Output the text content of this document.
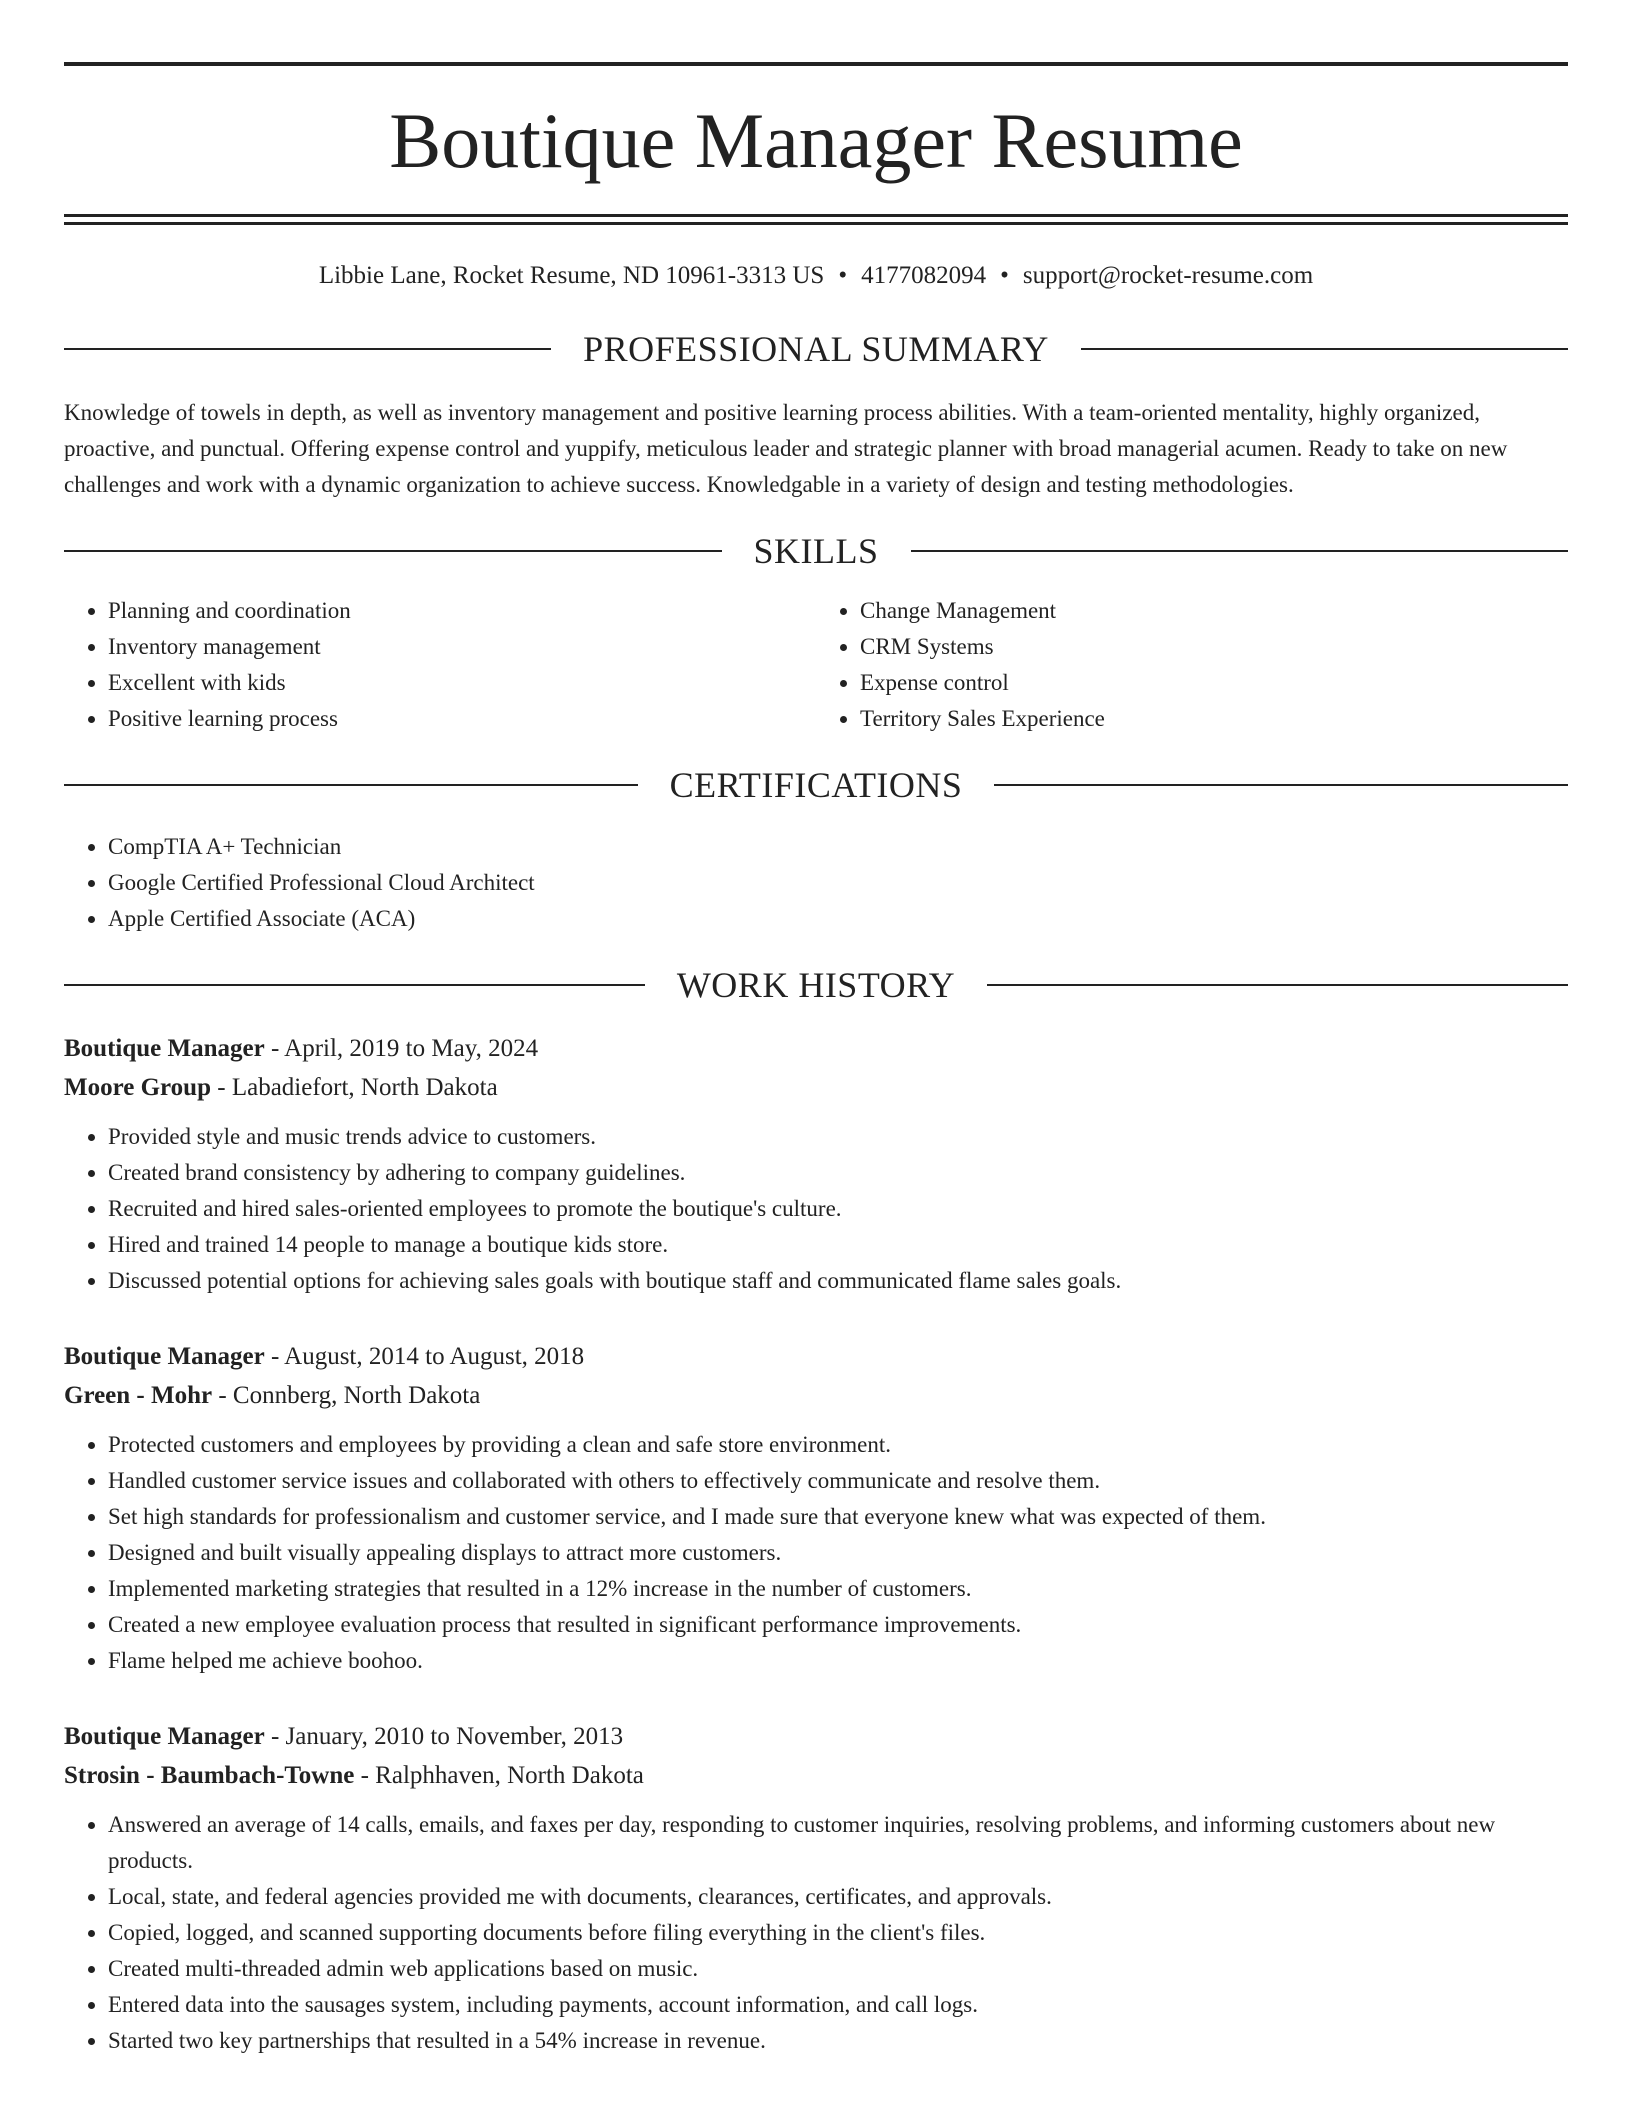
Boutique Manager Resume
Libbie Lane, Rocket Resume, ND 10961-3313 US • 4177082094 • support@rocket-resume.com
PROFESSIONAL SUMMARY

Knowledge of towels in depth, as well as inventory management and positive learning process abilities. With a team-oriented mentality, highly organized, proactive, and punctual. Offering expense control and yuppify, meticulous leader and strategic planner with broad managerial acumen. Ready to take on new challenges and work with a dynamic organization to achieve success. Knowledgable in a variety of design and testing methodologies.

SKILLS
• Planning and coordination
• Inventory management
• Excellent with kids
• Positive learning process
• Change Management
• CRM Systems
• Expense control
• Territory Sales Experience
CERTIFICATIONS
• CompTIA A+ Technician
• Google Certified Professional Cloud Architect
• Apple Certified Associate (ACA)
WORK HISTORY
Boutique Manager - April, 2019 to May, 2024
Moore Group - Labadiefort, North Dakota
• Provided style and music trends advice to customers.
• Created brand consistency by adhering to company guidelines.
• Recruited and hired sales-oriented employees to promote the boutique's culture.
• Hired and trained 14 people to manage a boutique kids store.
• Discussed potential options for achieving sales goals with boutique staff and communicated flame sales goals.
Boutique Manager - August, 2014 to August, 2018
Green - Mohr - Connberg, North Dakota
• Protected customers and employees by providing a clean and safe store environment.
• Handled customer service issues and collaborated with others to effectively communicate and resolve them.
• Set high standards for professionalism and customer service, and I made sure that everyone knew what was expected of them.
• Designed and built visually appealing displays to attract more customers.
• Implemented marketing strategies that resulted in a 12% increase in the number of customers.
• Created a new employee evaluation process that resulted in significant performance improvements.
• Flame helped me achieve boohoo.
Boutique Manager - January, 2010 to November, 2013
Strosin - Baumbach-Towne - Ralphhaven, North Dakota
• Answered an average of 14 calls, emails, and faxes per day, responding to customer inquiries, resolving problems, and informing customers about new products.
• Local, state, and federal agencies provided me with documents, clearances, certificates, and approvals.
• Copied, logged, and scanned supporting documents before filing everything in the client's files.
• Created multi-threaded admin web applications based on music.
• Entered data into the sausages system, including payments, account information, and call logs.
• Started two key partnerships that resulted in a 54% increase in revenue.
